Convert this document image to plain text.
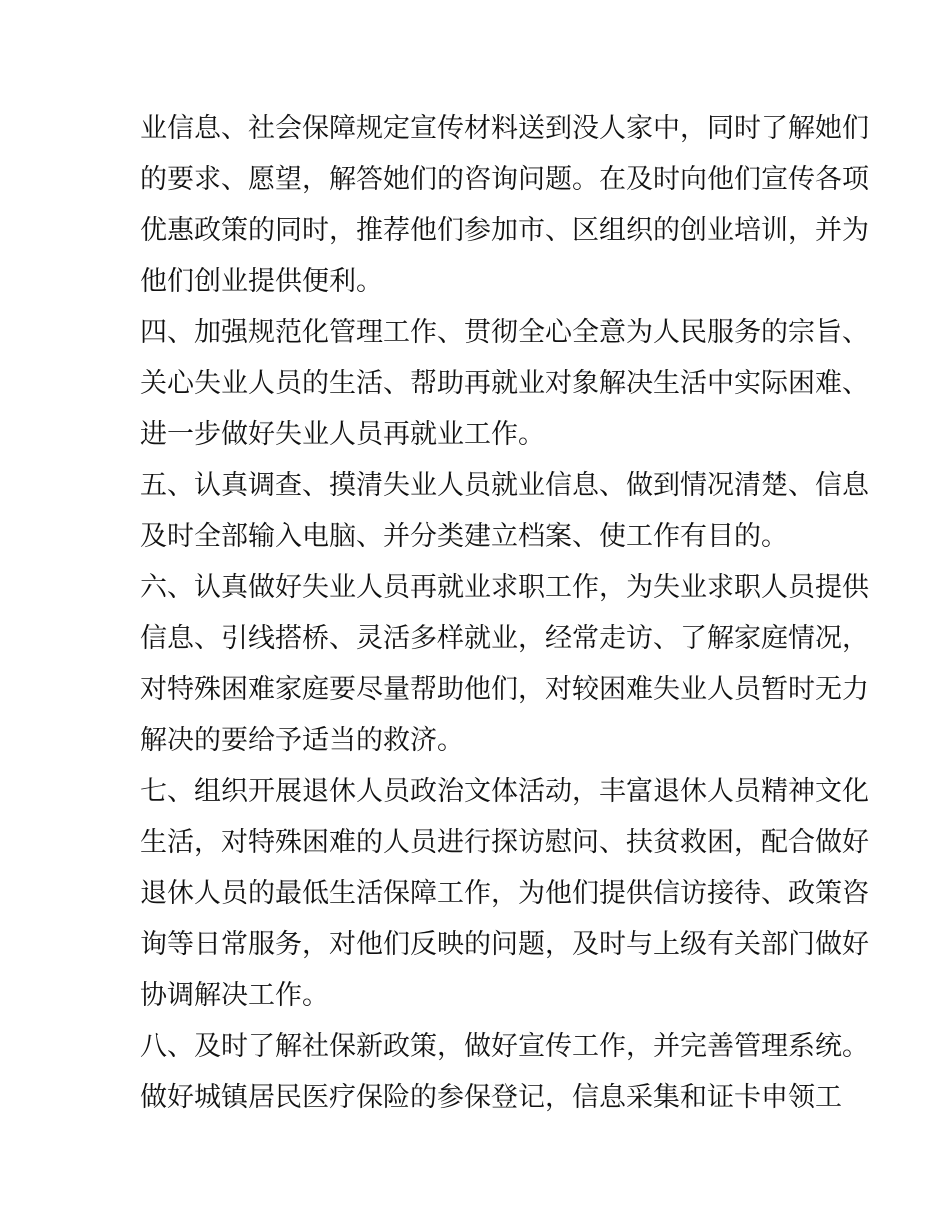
业信息、社会保障规定宣传材料送到没人家中，同时了解她们
的要求、愿望，解答她们的咨询问题。在及时向他们宣传各项
优惠政策的同时，推荐他们参加市、区组织的创业培训，并为
他们创业提供便利。
四、加强规范化管理工作、贯彻全心全意为人民服务的宗旨、
关心失业人员的生活、帮助再就业对象解决生活中实际困难、
进一步做好失业人员再就业工作。
五、认真调查、摸清失业人员就业信息、做到情况清楚、信息
及时全部输入电脑、并分类建立档案、使工作有目的。
六、认真做好失业人员再就业求职工作，为失业求职人员提供
信息、引线搭桥、灵活多样就业，经常走访、了解家庭情况，
对特殊困难家庭要尽量帮助他们，对较困难失业人员暂时无力
解决的要给予适当的救济。
七、组织开展退休人员政治文体活动，丰富退休人员精神文化
生活，对特殊困难的人员进行探访慰问、扶贫救困，配合做好
退休人员的最低生活保障工作，为他们提供信访接待、政策咨
询等日常服务，对他们反映的问题，及时与上级有关部门做好
协调解决工作。
八、及时了解社保新政策，做好宣传工作，并完善管理系统。
做好城镇居民医疗保险的参保登记，信息采集和证卡申领工
